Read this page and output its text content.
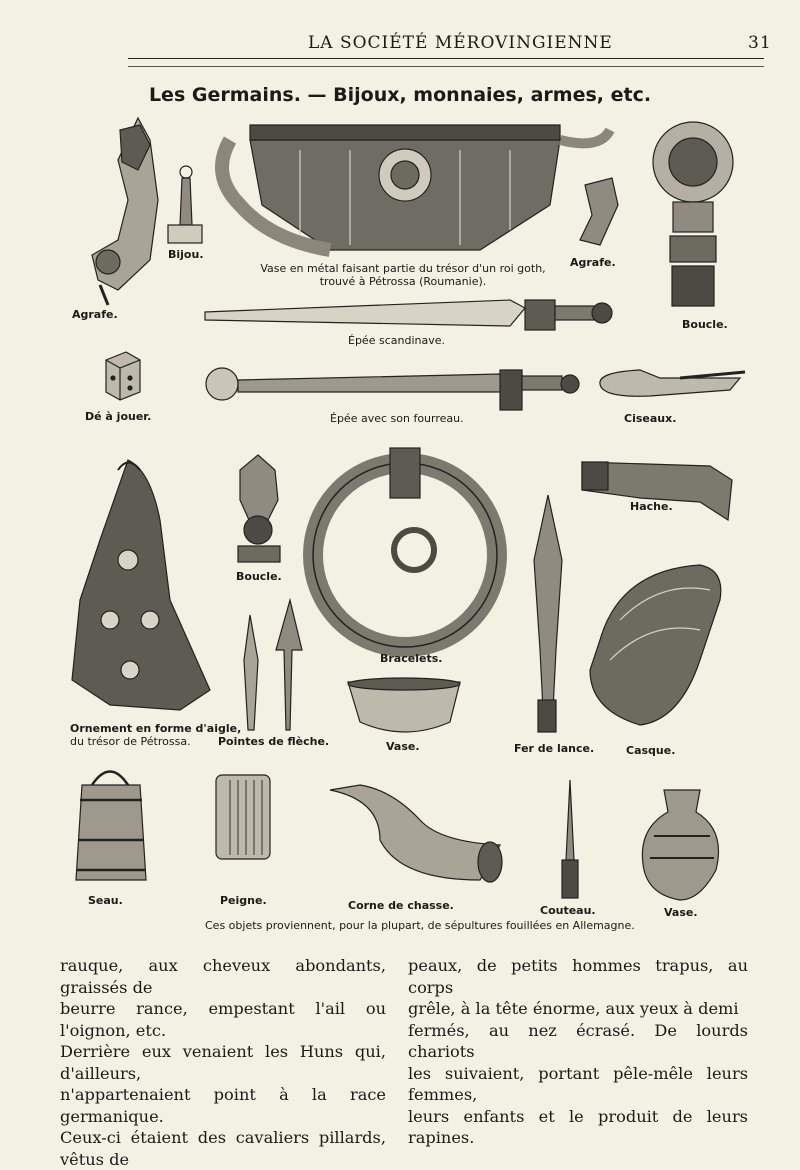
LA SOCIÉTÉ MÉROVINGIENNE	31
Les Germains. — Bijoux, monnaies, armes, etc.
Bijou.
Agrafe.
Vase en métal faisant partie du trésor d'un roi goth, trouvé à Pétrossa (Roumanie).
Agrafe.
Boucle.
Épée scandinave.
Dé à jouer.	Épée avec son fourreau.	Ciseaux.
Boucle.
Hache.
Bracelets.
Ornement en forme d'aigle,
du trésor de Pétrossa. Pointes de flèche.	Vase.	Fer de lance.	Casque.
Seau.	Peigne.	Corne de chasse.	Couteau.	Vase.
Ces objets proviennent, pour la plupart, de sépultures fouillées en Allemagne.

rauque, aux cheveux abondants, graissés de

beurre rance, empestant l'ail ou l'oignon, etc.

Derrière eux venaient les Huns qui, d'ailleurs,

n'appartenaient point à la race germanique.

Ceux-ci étaient des cavaliers pillards, vêtus de

peaux, de petits hommes trapus, au corps

grêle, à la tête énorme, aux yeux à demi

fermés, au nez écrasé. De lourds chariots

les suivaient, portant pêle-mêle leurs femmes,

leurs enfants et le produit de leurs rapines.
